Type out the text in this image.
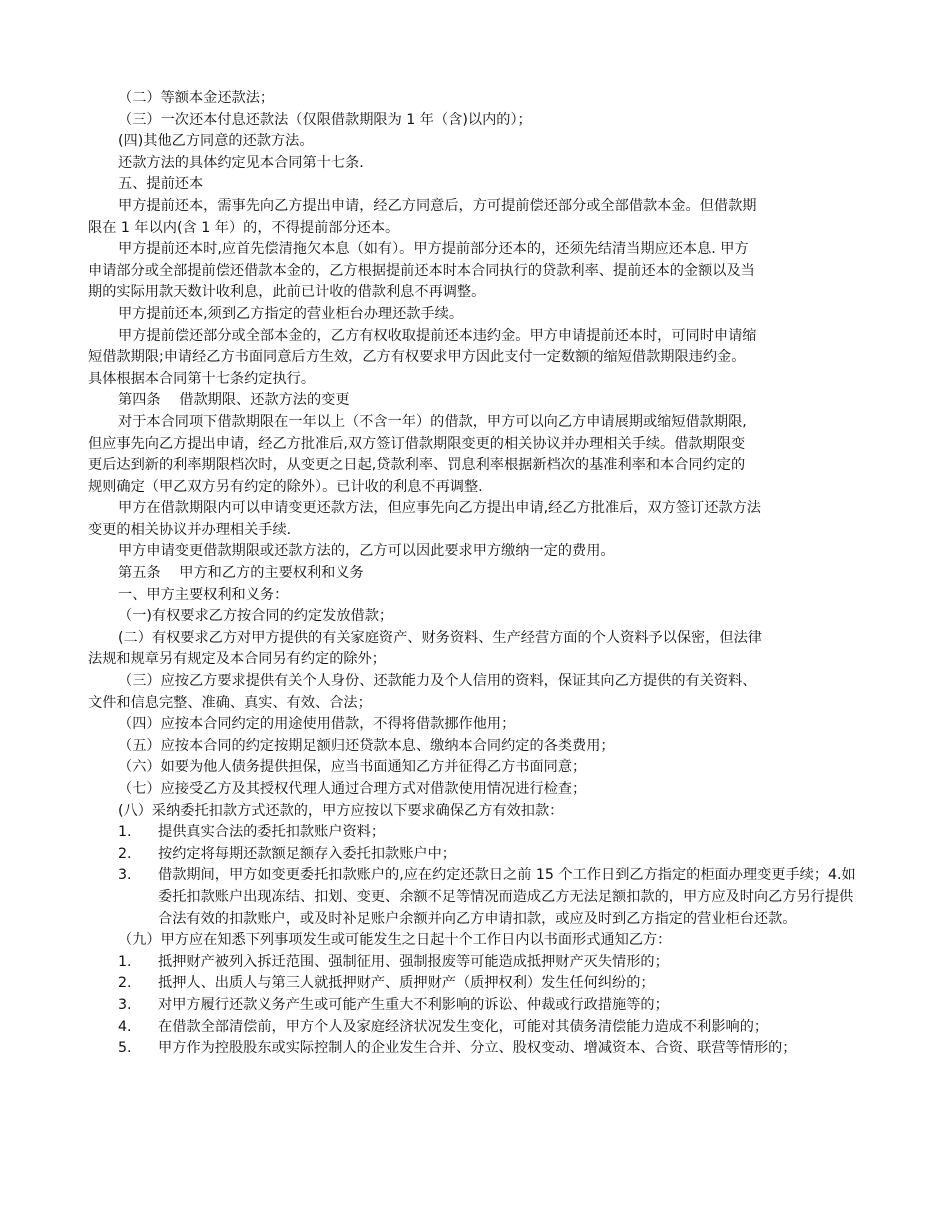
（二）等额本金还款法；

（三）一次还本付息还款法（仅限借款期限为 1 年（含)以内的）；

(四)其他乙方同意的还款方法。

还款方法的具体约定见本合同第十七条.

五、提前还本

甲方提前还本，需事先向乙方提出申请，经乙方同意后，方可提前偿还部分或全部借款本金。但借款期

限在 1 年以内(含 1 年）的，不得提前部分还本。

甲方提前还本时,应首先偿清拖欠本息（如有）。甲方提前部分还本的，还须先结清当期应还本息. 甲方

申请部分或全部提前偿还借款本金的，乙方根据提前还本时本合同执行的贷款利率、提前还本的金额以及当

期的实际用款天数计收利息，此前已计收的借款利息不再调整。

甲方提前还本,须到乙方指定的营业柜台办理还款手续。

甲方提前偿还部分或全部本金的，乙方有权收取提前还本违约金。甲方申请提前还本时，可同时申请缩

短借款期限;申请经乙方书面同意后方生效，乙方有权要求甲方因此支付一定数额的缩短借款期限违约金。

具体根据本合同第十七条约定执行。

第四条　 借款期限、还款方法的变更

对于本合同项下借款期限在一年以上（不含一年）的借款，甲方可以向乙方申请展期或缩短借款期限,

但应事先向乙方提出申请，经乙方批准后,双方签订借款期限变更的相关协议并办理相关手续。借款期限变

更后达到新的利率期限档次时，从变更之日起,贷款利率、罚息利率根据新档次的基准利率和本合同约定的

规则确定（甲乙双方另有约定的除外）。已计收的利息不再调整.

甲方在借款期限内可以申请变更还款方法，但应事先向乙方提出申请,经乙方批准后，双方签订还款方法

变更的相关协议并办理相关手续.

甲方申请变更借款期限或还款方法的，乙方可以因此要求甲方缴纳一定的费用。

第五条　 甲方和乙方的主要权利和义务

一、甲方主要权利和义务：

（一)有权要求乙方按合同的约定发放借款；

(二）有权要求乙方对甲方提供的有关家庭资产、财务资料、生产经营方面的个人资料予以保密，但法律

法规和规章另有规定及本合同另有约定的除外；

（三）应按乙方要求提供有关个人身份、还款能力及个人信用的资料，保证其向乙方提供的有关资料、

文件和信息完整、准确、真实、有效、合法；

（四）应按本合同约定的用途使用借款，不得将借款挪作他用；

（五）应按本合同的约定按期足额归还贷款本息、缴纳本合同约定的各类费用；

（六）如要为他人债务提供担保，应当书面通知乙方并征得乙方书面同意；

（七）应接受乙方及其授权代理人通过合理方式对借款使用情况进行检查；

(八）采纳委托扣款方式还款的，甲方应按以下要求确保乙方有效扣款：

1.	提供真实合法的委托扣款账户资料；
2.	按约定将每期还款额足额存入委托扣款账户中；
3.	借款期间，甲方如变更委托扣款账户的,应在约定还款日之前 15 个工作日到乙方指定的柜面办理变更手续；4.如委托扣款账户出现冻结、扣划、变更、余额不足等情况而造成乙方无法足额扣款的，甲方应及时向乙方另行提供合法有效的扣款账户，或及时补足账户余额并向乙方申请扣款，或应及时到乙方指定的营业柜台还款。

（九）甲方应在知悉下列事项发生或可能发生之日起十个工作日内以书面形式通知乙方：

1.	抵押财产被列入拆迁范围、强制征用、强制报废等可能造成抵押财产灭失情形的；
2.	抵押人、出质人与第三人就抵押财产、质押财产（质押权利）发生任何纠纷的；
3.	对甲方履行还款义务产生或可能产生重大不利影响的诉讼、仲裁或行政措施等的；
4.	在借款全部清偿前，甲方个人及家庭经济状况发生变化，可能对其债务清偿能力造成不利影响的；
5.	甲方作为控股股东或实际控制人的企业发生合并、分立、股权变动、增减资本、合资、联营等情形的；
